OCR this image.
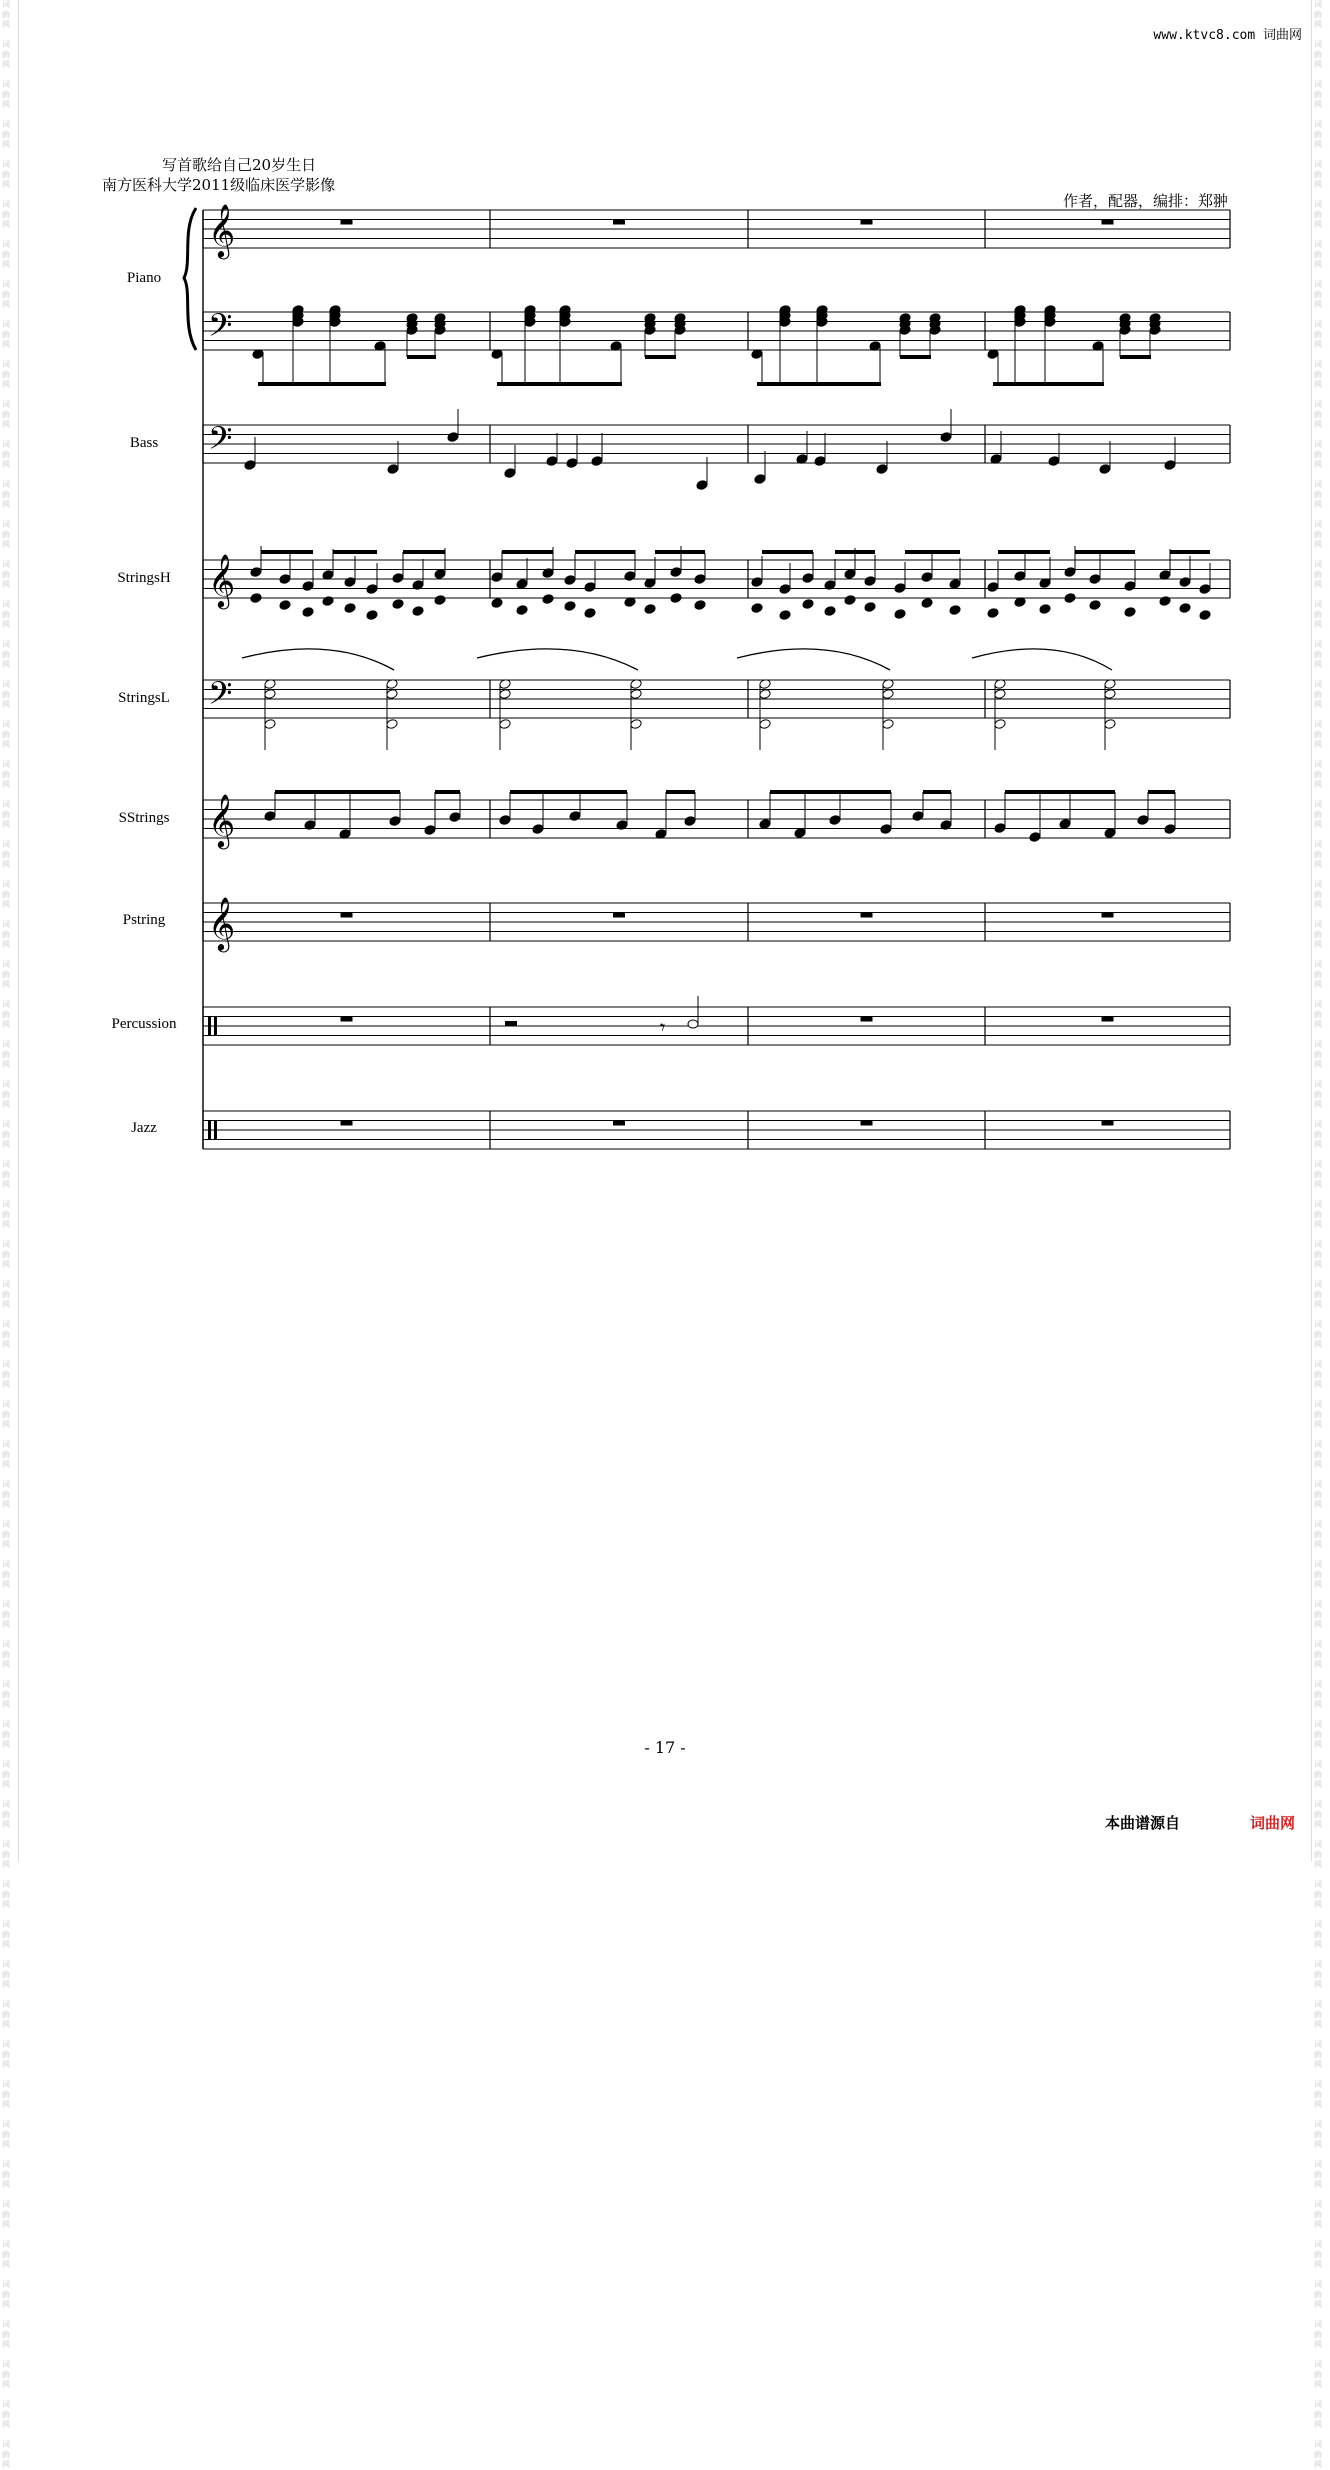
词
曲
网

词
曲
网

词
曲
网

词
曲
网

词
曲
网

词
曲
网

词
曲
网

词
曲
网

词
曲
网

词
曲
网

词
曲
网

词
曲
网

词
曲
网

词
曲
网

词
曲
网

词
曲
网

词
曲
网

词
曲
网

词
曲
网

词
曲
网

词
曲
网

词
曲
网

词
曲
网

词
曲
网

词
曲
网

词
曲
网

词
曲
网

词
曲
网

词
曲
网

词
曲
网

词
曲
网

词
曲
网

词
曲
网

词
曲
网

词
曲
网

词
曲
网

词
曲
网

词
曲
网

词
曲
网

词
曲
网

词
曲
网

词
曲
网

词
曲
网

词
曲
网

词
曲
网

词
曲
网

词
曲
网

词
曲
网

词
曲
网

词
曲
网

词
曲
网

词
曲
网

词
曲
网

词
曲
网

词
曲
网

词
曲
网

词
曲
网

词
曲
网

词
曲
网

词
曲
网

词
曲
网

词
曲
网

词
曲
网

词
曲
网

词
曲
网

词
曲
网

词
曲
网

词
曲
网

词
曲
网

词
曲
网

词
曲
网

词
曲
网

词
曲
网

词
曲
网

词
曲
网

词
曲
网

词
曲
网

词
曲
网

词
曲
网

词
曲
网

词
曲
网

词
曲
网

词
曲
网

词
曲
网

词
曲
网

词
曲
网

词
曲
网

词
曲
网

词
曲
网

词
曲
网

词
曲
网

词
曲
网

词
曲
网

词
曲
网

词
曲
网

词
曲
网

词
曲
网

词
曲
网

词
曲
网

词
曲
网

词
曲
网

词
曲
网

词
曲
网

词
曲
网

词
曲
网

词
曲
网

词
曲
网

词
曲
网

词
曲
网

词
曲
网

词
曲
网

词
曲
网

词
曲
网

词
曲
网

词
曲
网

词
曲
网

词
曲
网

词
曲
网

词
曲
网

词
曲
网

词
曲
网

词
曲
网

词
曲
网

词
曲
网

www.ktvc8.com 词曲网
写首歌给自己20岁生日
南方医科大学2011级临床医学影像
作者，配器，编排：郑翀
Piano
Bass
StringsH
StringsL
SStrings
Pstring
Percussion
Jazz
𝄞
𝄞
𝄞
𝄞
𝄢
𝄢
𝄢
𝄾
- 17 -
本曲谱源自	词曲网
